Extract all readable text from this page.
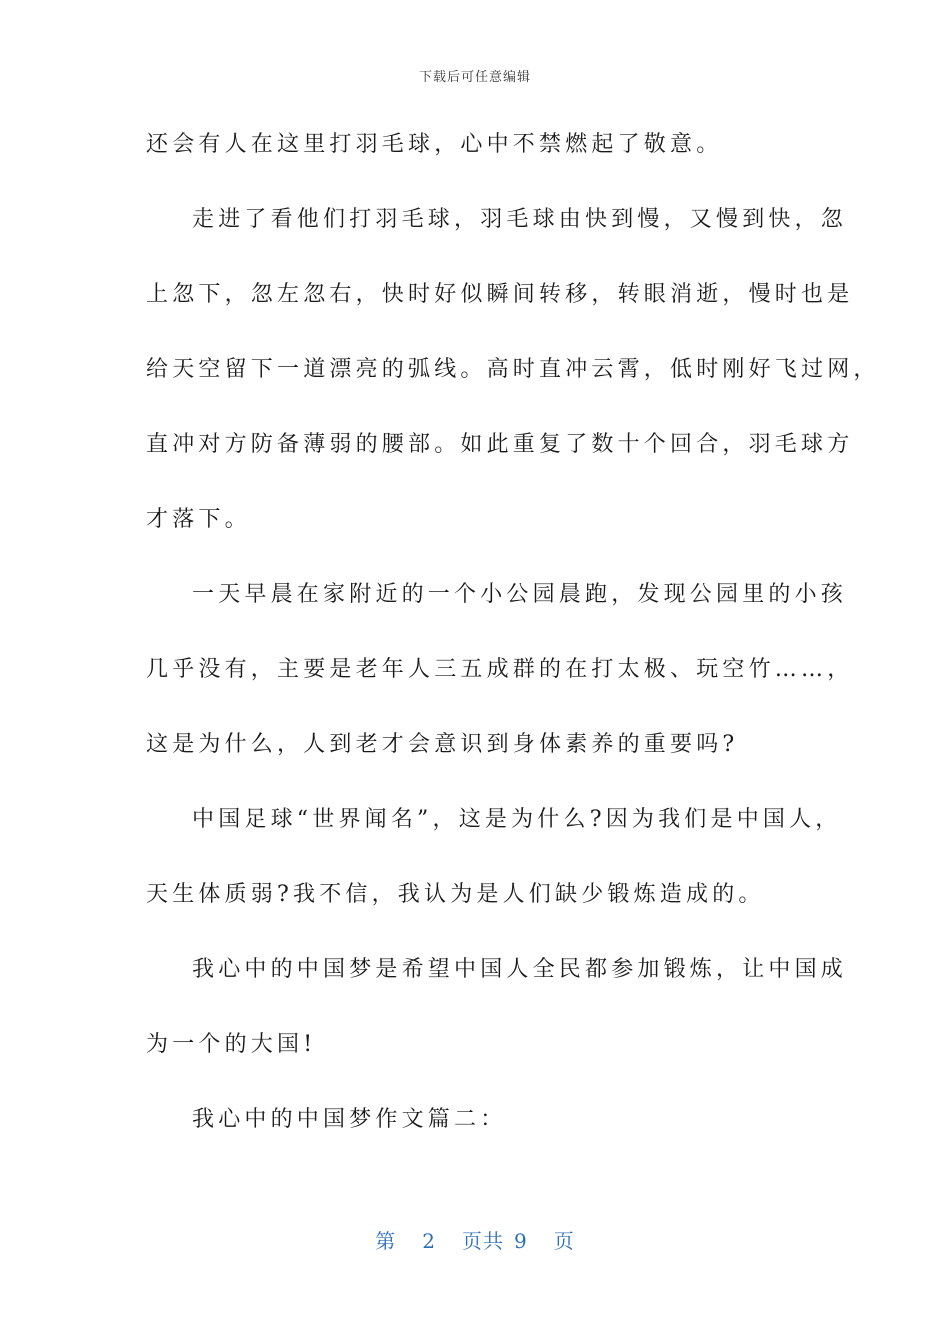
下载后可任意编辑
还会有人在这里打羽毛球，心中不禁燃起了敬意。
走进了看他们打羽毛球，羽毛球由快到慢，又慢到快，忽
上忽下，忽左忽右，快时好似瞬间转移，转眼消逝，慢时也是
给天空留下一道漂亮的弧线。高时直冲云霄，低时刚好飞过网，
直冲对方防备薄弱的腰部。如此重复了数十个回合，羽毛球方
才落下。
一天早晨在家附近的一个小公园晨跑，发现公园里的小孩
几乎没有，主要是老年人三五成群的在打太极、玩空竹……，
这是为什么，人到老才会意识到身体素养的重要吗?
中国足球“世界闻名”，这是为什么?因为我们是中国人，
天生体质弱?我不信，我认为是人们缺少锻炼造成的。
我心中的中国梦是希望中国人全民都参加锻炼，让中国成
为一个的大国!
我心中的中国梦作文篇二：
第 2 页共 9 页
